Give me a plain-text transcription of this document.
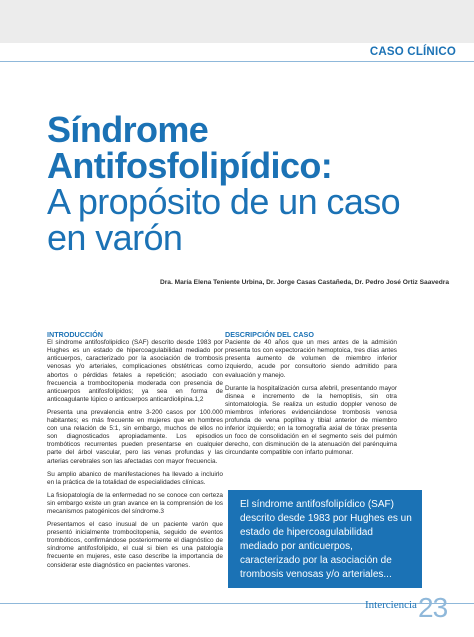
CASO CLÍNICO
Síndrome
Antifosfolipídico:
A propósito de un caso
en varón
Dra. María Elena Teniente Urbina, Dr. Jorge Casas Castañeda, Dr. Pedro José Ortiz Saavedra
INTRODUCCIÓN

El síndrome antifosfolipídico (SAF) descrito desde 1983 por Hughes es un estado de hipercoagulabilidad mediado por anticuerpos, caracterizado por la asociación de trombosis venosas y/o arteriales, complicaciones obstétricas como abortos o pérdidas fetales a repetición; asociado con frecuencia a trombocitopenia moderada con presencia de anticuerpos antifosfolípidos; ya sea en forma de anticoagulante lúpico o anticuerpos anticardiolipina.1,2

Presenta una prevalencia entre 3-200 casos por 100.000 habitantes; es más frecuente en mujeres que en hombres con una relación de 5:1, sin embargo, muchos de ellos no son diagnosticados apropiadamente. Los episodios trombóticos recurrentes pueden presentarse en cualquier parte del árbol vascular, pero las venas profundas y las arterias cerebrales son las afectadas con mayor frecuencia.

Su amplio abanico de manifestaciones ha llevado a incluirlo en la práctica de la totalidad de especialidades clínicas.

La fisiopatología de la enfermedad no se conoce con certeza sin embargo existe un gran avance en la comprensión de los mecanismos patogénicos del síndrome.3

Presentamos el caso inusual de un paciente varón que presentó inicialmente trombocitopenia, seguido de eventos trombóticos, confirmándose posteriormente el diagnóstico de síndrome antifosfolípido, el cual si bien es una patología frecuente en mujeres, este caso describe la importancia de considerar este diagnóstico en pacientes varones.

DESCRIPCIÓN DEL CASO

Paciente de 40 años que un mes antes de la admisión presenta tos con expectoración hemoptoica, tres días antes presenta aumento de volumen de miembro inferior izquierdo, acude por consultorio siendo admitido para evaluación y manejo.

Durante la hospitalización cursa afebril, presentando mayor disnea e incremento de la hemoptisis, sin otra sintomatología. Se realiza un estudio doppler venoso de miembros inferiores evidenciándose trombosis venosa profunda de vena poplítea y tibial anterior de miembro inferior izquierdo; en la tomografía axial de tórax presenta un foco de consolidación en el segmento seis del pulmón derecho, con disminución de la atenuación del parénquima circundante compatible con infarto pulmonar.

El síndrome antifosfolipídico (SAF) descrito desde 1983 por Hughes es un estado de hipercoagulabilidad mediado por anticuerpos, caracterizado por la asociación de trombosis venosas y/o arteriales...
Interciencia 23
